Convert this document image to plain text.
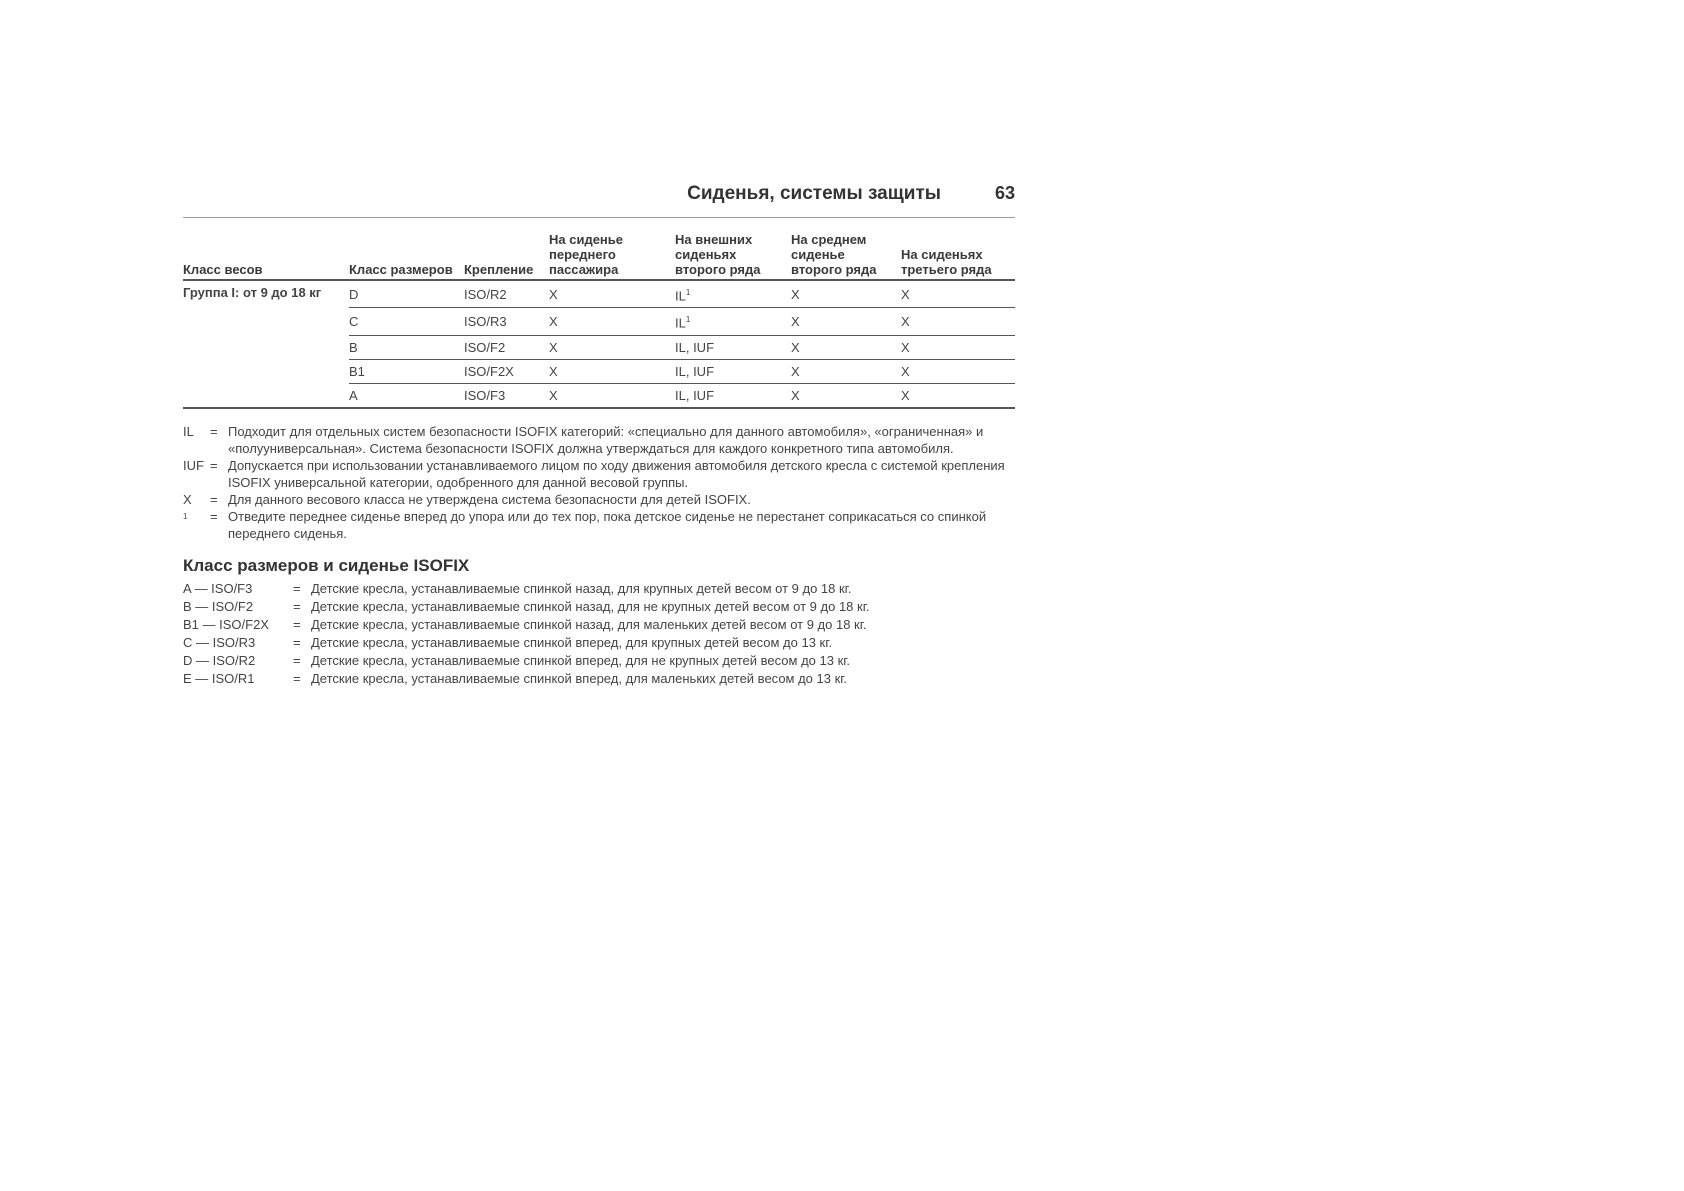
Сиденья, системы защиты	63
Класс весов	Класс размеров	Крепление	На сиденье переднего пассажира	На внешних сиденьях второго ряда	На среднем сиденье второго ряда	На сиденьях третьего ряда
Группа I: от 9 до 18 кг	D	ISO/R2	X	$IL^1$	X	X
	C	ISO/R3	X	$IL^1$	X	X
	B	ISO/F2	X	IL, IUF	X	X
	B1	ISO/F2X	X	IL, IUF	X	X
	A	ISO/F3	X	IL, IUF	X	X
IL	= Подходит для отдельных систем безопасности ISOFIX категорий: «специально для данного автомобиля», «ограниченная» и «полууниверсальная». Система безопасности ISOFIX должна утверждаться для каждого конкретного типа автомобиля.
IUF = Допускается при использовании устанавливаемого лицом по ходу движения автомобиля детского кресла с системой крепления ISOFIX универсальной категории, одобренного для данной весовой группы.
X	= Для данного весового класса не утверждена система безопасности для детей ISOFIX.
$^1$	= Отведите переднее сиденье вперед до упора или до тех пор, пока детское сиденье не перестанет соприкасаться со спинкой переднего сиденья.
Класс размеров и сиденье ISOFIX
A — ISO/F3	= Детские кресла, устанавливаемые спинкой назад, для крупных детей весом от 9 до 18 кг.
B — ISO/F2	= Детские кресла, устанавливаемые спинкой назад, для не крупных детей весом от 9 до 18 кг.
B1 — ISO/F2X	= Детские кресла, устанавливаемые спинкой назад, для маленьких детей весом от 9 до 18 кг.
C — ISO/R3	= Детские кресла, устанавливаемые спинкой вперед, для крупных детей весом до 13 кг.
D — ISO/R2	= Детские кресла, устанавливаемые спинкой вперед, для не крупных детей весом до 13 кг.
E — ISO/R1	= Детские кресла, устанавливаемые спинкой вперед, для маленьких детей весом до 13 кг.
